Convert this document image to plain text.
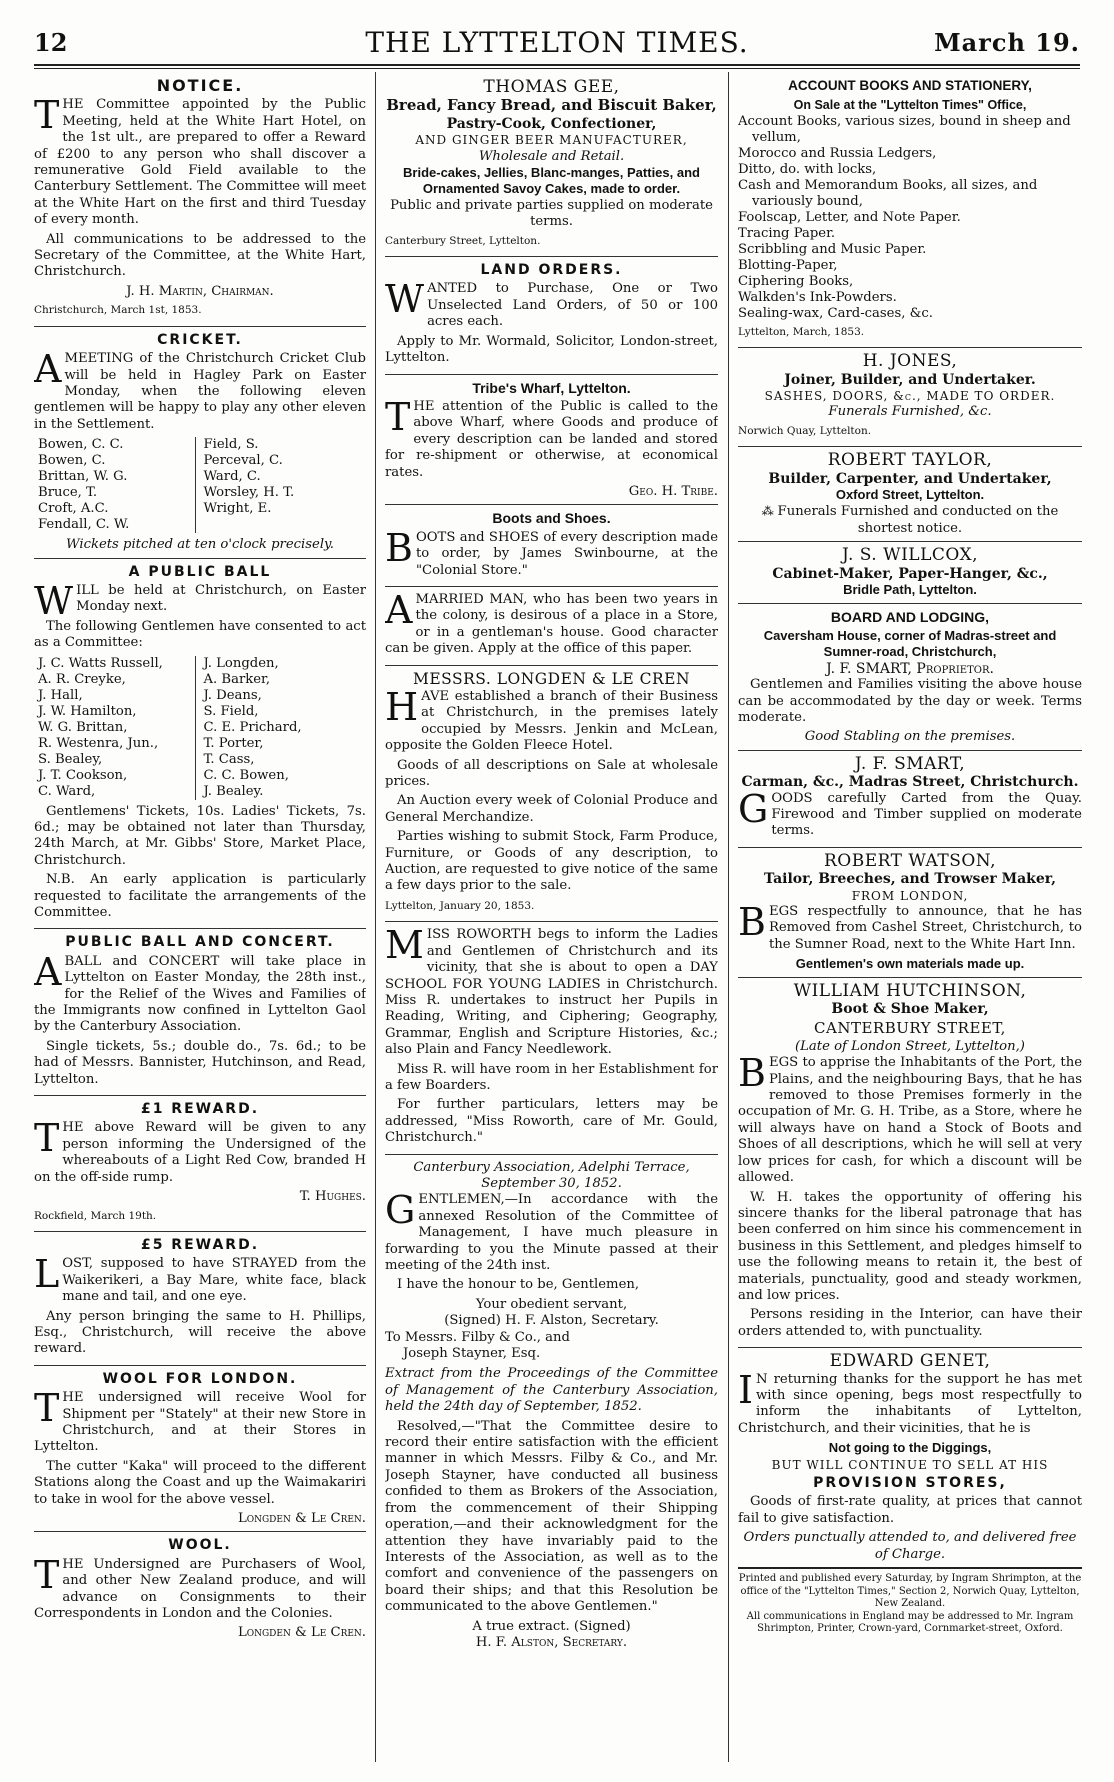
THE LYTTELTON TIMES.
12	March 19.
NOTICE.

THE Committee appointed by the Public Meeting, held at the White Hart Hotel, on the 1st ult., are prepared to offer a Reward of £200 to any person who shall discover a remunerative Gold Field available to the Canterbury Settlement. The Committee will meet at the White Hart on the first and third Tuesday of every month.

All communications to be addressed to the Secretary of the Committee, at the White Hart, Christchurch.

J. H. Martin, Chairman.
Christchurch, March 1st, 1853.
CRICKET.

AMEETING of the Christchurch Cricket Club will be held in Hagley Park on Easter Monday, when the following eleven gentlemen will be happy to play any other eleven in the Settlement.

Bowen, C. C.
Bowen, C.
Brittan, W. G.
Bruce, T.
Croft, A.C.
Fendall, C. W.
Field, S.
Perceval, C.
Ward, C.
Worsley, H. T.
Wright, E.
Wickets pitched at ten o'clock precisely.
A PUBLIC BALL

WILL be held at Christchurch, on Easter Monday next.

The following Gentlemen have consented to act as a Committee:

J. C. Watts Russell,
A. R. Creyke,
J. Hall,
J. W. Hamilton,
W. G. Brittan,
R. Westenra, Jun.,
S. Bealey,
J. T. Cookson,
C. Ward,
J. Longden,
A. Barker,
J. Deans,
S. Field,
C. E. Prichard,
T. Porter,
T. Cass,
C. C. Bowen,
J. Bealey.

Gentlemens' Tickets, 10s. Ladies' Tickets, 7s. 6d.; may be obtained not later than Thursday, 24th March, at Mr. Gibbs' Store, Market Place, Christchurch.

N.B. An early application is particularly requested to facilitate the arrangements of the Committee.

PUBLIC BALL AND CONCERT.

ABALL and CONCERT will take place in Lyttelton on Easter Monday, the 28th inst., for the Relief of the Wives and Families of the Immigrants now confined in Lyttelton Gaol by the Canterbury Association.

Single tickets, 5s.; double do., 7s. 6d.; to be had of Messrs. Bannister, Hutchinson, and Read, Lyttelton.

£1 REWARD.

THE above Reward will be given to any person informing the Undersigned of the whereabouts of a Light Red Cow, branded H on the off-side rump.

T. Hughes.
Rockfield, March 19th.
£5 REWARD.

LOST, supposed to have STRAYED from the Waikerikeri, a Bay Mare, white face, black mane and tail, and one eye.

Any person bringing the same to H. Phillips, Esq., Christchurch, will receive the above reward.

WOOL FOR LONDON.

THE undersigned will receive Wool for Shipment per "Stately" at their new Store in Christchurch, and at their Stores in Lyttelton.

The cutter "Kaka" will proceed to the different Stations along the Coast and up the Waimakariri to take in wool for the above vessel.

Longden & Le Cren.
WOOL.

THE Undersigned are Purchasers of Wool, and other New Zealand produce, and will advance on Consignments to their Correspondents in London and the Colonies.

Longden & Le Cren.
THOMAS GEE,
Bread, Fancy Bread, and Biscuit Baker,
Pastry-Cook, Confectioner,
AND GINGER BEER MANUFACTURER,
Wholesale and Retail.
Bride-cakes, Jellies, Blanc-manges, Patties, and Ornamented Savoy Cakes, made to order.
Public and private parties supplied on moderate terms.
Canterbury Street, Lyttelton.
LAND ORDERS.

WANTED to Purchase, One or Two Unselected Land Orders, of 50 or 100 acres each.

Apply to Mr. Wormald, Solicitor, London-street, Lyttelton.

Tribe's Wharf, Lyttelton.

THE attention of the Public is called to the above Wharf, where Goods and produce of every description can be landed and stored for re-shipment or otherwise, at economical rates.

Geo. H. Tribe.
Boots and Shoes.

BOOTS and SHOES of every description made to order, by James Swinbourne, at the "Colonial Store."

AMARRIED MAN, who has been two years in the colony, is desirous of a place in a Store, or in a gentleman's house. Good character can be given. Apply at the office of this paper.

MESSRS. LONGDEN & LE CREN

HAVE established a branch of their Business at Christchurch, in the premises lately occupied by Messrs. Jenkin and McLean, opposite the Golden Fleece Hotel.

Goods of all descriptions on Sale at wholesale prices.

An Auction every week of Colonial Produce and General Merchandize.

Parties wishing to submit Stock, Farm Produce, Furniture, or Goods of any description, to Auction, are requested to give notice of the same a few days prior to the sale.

Lyttelton, January 20, 1853.

MISS ROWORTH begs to inform the Ladies and Gentlemen of Christchurch and its vicinity, that she is about to open a DAY SCHOOL FOR YOUNG LADIES in Christchurch. Miss R. undertakes to instruct her Pupils in Reading, Writing, and Ciphering; Geography, Grammar, English and Scripture Histories, &c.; also Plain and Fancy Needlework.

Miss R. will have room in her Establishment for a few Boarders.

For further particulars, letters may be addressed, "Miss Roworth, care of Mr. Gould, Christchurch."

Canterbury Association, Adelphi Terrace, September 30, 1852.

GENTLEMEN,—In accordance with the annexed Resolution of the Committee of Management, I have much pleasure in forwarding to you the Minute passed at their meeting of the 24th inst.

I have the honour to be, Gentlemen,

Your obedient servant,
(Signed) H. F. Alston, Secretary.
To Messrs. Filby & Co., and
Joseph Stayner, Esq.

Extract from the Proceedings of the Committee of Management of the Canterbury Association, held the 24th day of September, 1852.

Resolved,—"That the Committee desire to record their entire satisfaction with the efficient manner in which Messrs. Filby & Co., and Mr. Joseph Stayner, have conducted all business confided to them as Brokers of the Association, from the commencement of their Shipping operation,—and their acknowledgment for the attention they have invariably paid to the Interests of the Association, as well as to the comfort and convenience of the passengers on board their ships; and that this Resolution be communicated to the above Gentlemen."

A true extract. (Signed)
H. F. Alston, Secretary.
ACCOUNT BOOKS AND STATIONERY,
On Sale at the "Lyttelton Times" Office,
Account Books, various sizes, bound in sheep and vellum,
Morocco and Russia Ledgers,
Ditto, do. with locks,
Cash and Memorandum Books, all sizes, and variously bound,
Foolscap, Letter, and Note Paper.
Tracing Paper.
Scribbling and Music Paper.
Blotting-Paper,
Ciphering Books,
Walkden's Ink-Powders.
Sealing-wax, Card-cases, &c.
Lyttelton, March, 1853.
H. JONES,
Joiner, Builder, and Undertaker.
SASHES, DOORS, &c., MADE TO ORDER.
Funerals Furnished, &c.
Norwich Quay, Lyttelton.
ROBERT TAYLOR,
Builder, Carpenter, and Undertaker,
Oxford Street, Lyttelton.
⁂ Funerals Furnished and conducted on the shortest notice.
J. S. WILLCOX,
Cabinet-Maker, Paper-Hanger, &c.,
Bridle Path, Lyttelton.
BOARD AND LODGING,
Caversham House, corner of Madras-street and Sumner-road, Christchurch,
J. F. SMART, Proprietor.

Gentlemen and Families visiting the above house can be accommodated by the day or week. Terms moderate.

Good Stabling on the premises.
J. F. SMART,
Carman, &c., Madras Street, Christchurch.

GOODS carefully Carted from the Quay. Firewood and Timber supplied on moderate terms.

ROBERT WATSON,
Tailor, Breeches, and Trowser Maker,
FROM LONDON,

BEGS respectfully to announce, that he has Removed from Cashel Street, Christchurch, to the Sumner Road, next to the White Hart Inn.

Gentlemen's own materials made up.
WILLIAM HUTCHINSON,
Boot & Shoe Maker,
CANTERBURY STREET,
(Late of London Street, Lyttelton,)

BEGS to apprise the Inhabitants of the Port, the Plains, and the neighbouring Bays, that he has removed to those Premises formerly in the occupation of Mr. G. H. Tribe, as a Store, where he will always have on hand a Stock of Boots and Shoes of all descriptions, which he will sell at very low prices for cash, for which a discount will be allowed.

W. H. takes the opportunity of offering his sincere thanks for the liberal patronage that has been conferred on him since his commencement in business in this Settlement, and pledges himself to use the following means to retain it, the best of materials, punctuality, good and steady workmen, and low prices.

Persons residing in the Interior, can have their orders attended to, with punctuality.

EDWARD GENET,

IN returning thanks for the support he has met with since opening, begs most respectfully to inform the inhabitants of Lyttelton, Christchurch, and their vicinities, that he is

Not going to the Diggings,
BUT WILL CONTINUE TO SELL AT HIS
PROVISION STORES,

Goods of first-rate quality, at prices that cannot fail to give satisfaction.

Orders punctually attended to, and delivered free of Charge.
Printed and published every Saturday, by Ingram Shrimpton, at the office of the "Lyttelton Times," Section 2, Norwich Quay, Lyttelton, New Zealand.
All communications in England may be addressed to Mr. Ingram Shrimpton, Printer, Crown-yard, Cornmarket-street, Oxford.
